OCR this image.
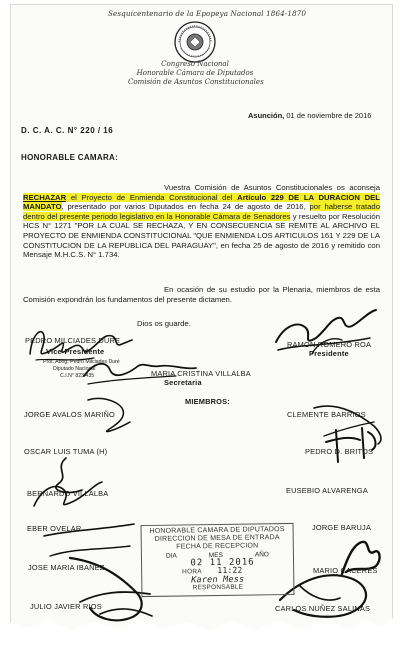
Sesquicentenario de la Epopeya Nacional 1864-1870
Congreso Nacional
Honorable Cámara de Diputados
Comisión de Asuntos Constitucionales
Asunción, 01 de noviembre de 2016
D. C. A. C. N° 220 / 16
HONORABLE CAMARA:

Vuestra Comisión de Asuntos Constitucionales os aconseja RECHAZAR el Proyecto de Enmienda Constitucional del Artículo 229 DE LA DURACION DEL MANDATO, presentado por varios Diputados en fecha 24 de agosto de 2016, por haberse tratado dentro del presente periodo legislativo en la Honorable Cámara de Senadores y resuelto por Resolución HCS N° 1271 "POR LA CUAL SE RECHAZA, Y EN CONSECUENCIA SE REMITE AL ARCHIVO EL PROYECTO DE ENMIENDA CONSTITUCIONAL "QUE ENMIENDA LOS ARTICULOS 161 Y 229 DE LA CONSTITUCION DE LA REPUBLICA DEL PARAGUAY", en fecha 25 de agosto de 2016 y remitido con Mensaje M.H.C.S. N° 1.734.

En ocasión de su estudio por la Plenaria, miembros de esta Comisión expondrán los fundamentos del presente dictamen.

Dios os guarde.
PEDRO MILCIADES DURE
Vice-Presidente
Prof. Abog. Pedro Milciades Duré
Diputado Nacional
C.I.N° 823.435
RAMON ROMERO ROA
Presidente
MARIA CRISTINA VILLALBA
Secretaria
MIEMBROS:
JORGE AVALOS MARIÑO	CLEMENTE BARRIOS
OSCAR LUIS TUMA (H)	PEDRO D. BRITOS
BERNARDO VILLALBA	EUSEBIO ALVARENGA
EBER OVELAR	JORGE BARUJA
JOSE MARIA IBAÑEZ	MARIO CACERES
JULIO JAVIER RIOS	CARLOS NUÑEZ SALINAS
HONORABLE CAMARA DE DIPUTADOS
DIRECCION DE MESA DE ENTRADA
FECHA DE RECEPCION
DIA	MES	AÑO
02 11 2016
HORA 11:22
Karen Mess
RESPONSABLE
